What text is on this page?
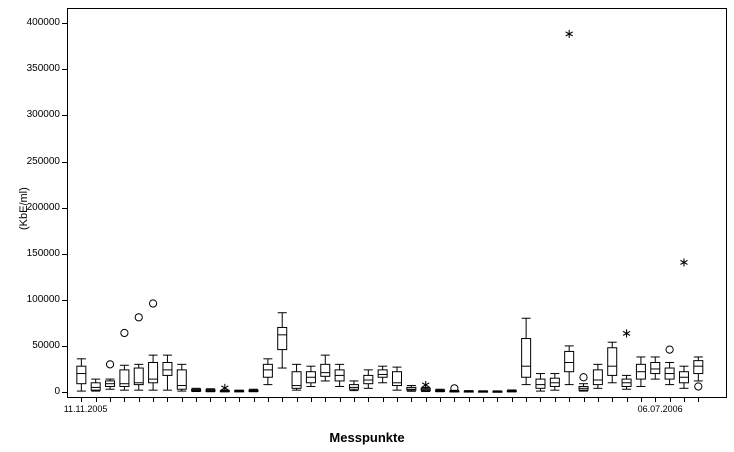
(KbE/ml)
0
50000
100000
150000
200000
250000
300000
350000
400000
11.11.2005	06.07.2006
∗	∗
∗
∗
∗
Messpunkte
